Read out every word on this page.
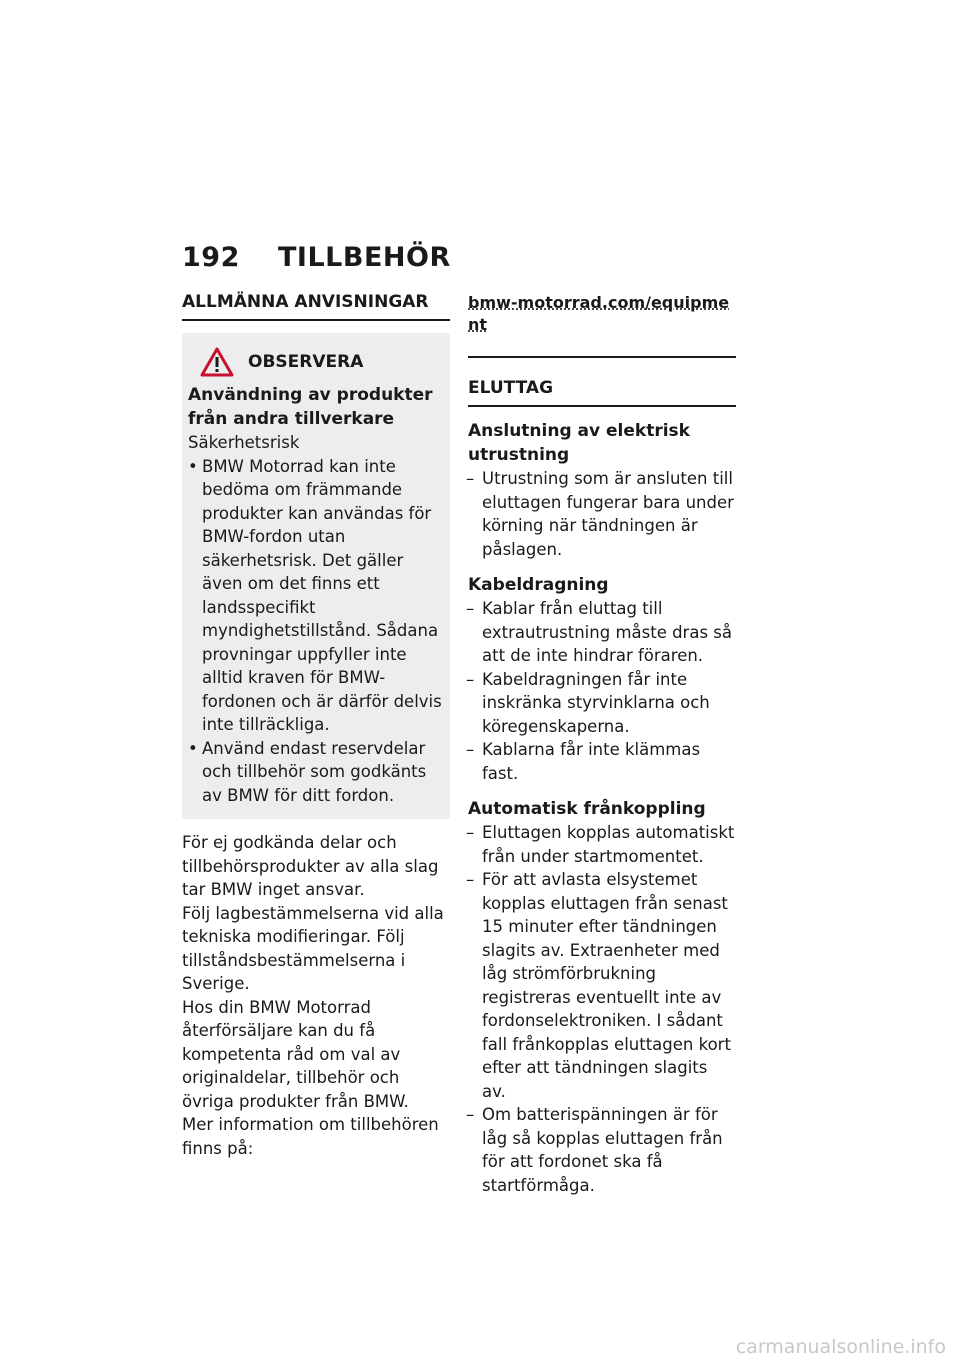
192 TILLBEHÖR
ALLMÄNNA ANVISNINGAR
OBSERVERA
Användning av produkter från andra tillverkare
Säkerhetsrisk
• BMW Motorrad kan inte bedöma om främmande produkter kan användas för BMW-fordon utan säkerhetsrisk. Det gäller även om det finns ett landsspecifikt myndighetstillstånd. Sådana provningar uppfyller inte alltid kraven för BMW-fordonen och är därför delvis inte tillräckliga.
• Använd endast reservdelar och tillbehör som godkänts av BMW för ditt fordon.

För ej godkända delar och tillbehörsprodukter av alla slag tar BMW inget ansvar.

Följ lagbestämmelserna vid alla tekniska modifieringar. Följ tillståndsbestämmelserna i Sverige.

Hos din BMW Motorrad återförsäljare kan du få kompetenta råd om val av originaldelar, tillbehör och övriga produkter från BMW.

Mer information om tillbehören finns på:

bmw-motorrad.com/equipment
ELUTTAG
Anslutning av elektrisk utrustning
– Utrustning som är ansluten till eluttagen fungerar bara under körning när tändningen är påslagen.
Kabeldragning
– Kablar från eluttag till extrautrustning måste dras så att de inte hindrar föraren.
– Kabeldragningen får inte inskränka styrvinklarna och köregenskaperna.
– Kablarna får inte klämmas fast.
Automatisk frånkoppling
– Eluttagen kopplas automatiskt från under startmomentet.
– För att avlasta elsystemet kopplas eluttagen från senast 15 minuter efter tändningen slagits av. Extraenheter med låg strömförbrukning registreras eventuellt inte av fordonselektroniken. I sådant fall frånkopplas eluttagen kort efter att tändningen slagits av.
– Om batterispänningen är för låg så kopplas eluttagen från för att fordonet ska få startförmåga.
carmanualsonline.info
